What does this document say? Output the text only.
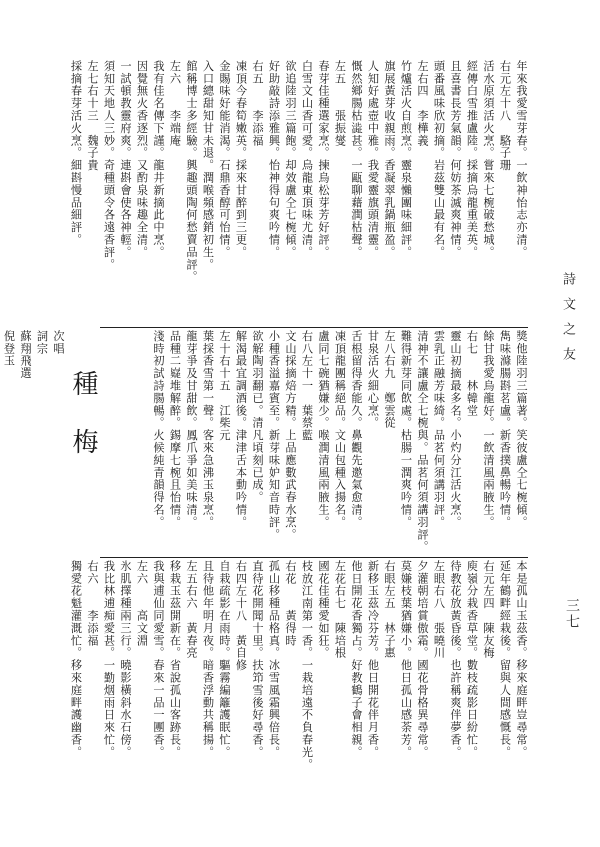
詩文之友
三七
年來我愛雪芽春。一飲神怡志亦清。
右元左十八　駱子珊
活水原須活火烹。嘗來七椀破愁城。
經傳白雪推盧陸。採摘烏龍重美英。
且喜書長芳氣韻。何妨茶滅爽神情。
頭番風味欣初摘。岩茲雙山最有名。
左右四　李樺義
竹爐活火自煎烹。靈泉懶團味細評。
旗展黃芽收親雨。香凝翠乳鍋瓶盈。
人知好處壺中雅。我愛靈旗頭清靈。
慨然鄉腸枯澁甚。一甌聊藉潤枯聲。
左五　　張振燮
春芽佳種選家烹。揀烏松芽芳好評。
白雪文山香可愛。烏龍東頂味尤清。
欲追陸羽三篇飽。却效盧仝七椀傾。
好助敲詩添雅興。怡神得句爽吟情。
右五　　李添福
凍頂今春筍嫩英。採來甘醉到三更。
金賜味好能消渴。石鼎香醇可怡情。
入口總甜知甘未退。潤喉頻感銷初生。
館稱博士多經驗。興趣頭陶何愁賣品評。
左六　　李端庵
我有佳名傳下謹。龍井新摘此中烹。
因覺無火香逐烈。又酌泉味趣全清。
一試頓教靈府爽。連斟會使各神輕。
須知天地人三妙。奇種頭令各遠香評。
左七右十三　魏子貴
採摘春芽活火烹。細斟慢品細評。
獎他陸羽三篇著。笑彼盧仝七椀傾。
雋味滌腸斟茗盧。新香撲鼻暢吟情。
餘甘我愛烏龍好。一飲清風兩腋生。
右七　　林韓堂
靈山初摘最多名。小灼分江活火烹。
雲乳正融芳味綺。品茗何須講羽評。
清神不讓盧仝七椀與。品茗何須講羽評。
難得新芽同飲處。枯腸一潤爽吟情。
左八右九　鄭雲從
甘泉活火細心烹。
舌根留得香能久。鼻觀先邀氣愈清。
凍頂龍團稱絕品。文山包種入揚名。
盧同七碗猶嫌少。喉潤清風兩腋生。
右八左十一　葉蔡藍
文山採摘焙方精。上品應數武春水烹。
小種香溢嘉賓至。新芽味妒知音時評。
欲解陶羽翻已。清凡頃刻已成。
解渴最宜調酒後。津津舌本動吟情。
左十右十五　江柴元
葉採香雪第一聲。客來急沸玉泉烹。
龍芽爭及甘甜飲。鳳爪爭如美味清。
品種二嶷堆解醉。錫摩七椀且怡情。
淺時初試詩腸暢。火候純青韻得名。
種梅
次唱
詞宗
蘇翔飛選
倪登玉
本是孤山玉茲香。移來庭畔豈尋常。
延年鶴畔經栽後。留與人間感慨長。
右元左四　陳友梅
庾嶺分栽香草堂。數枝疏影日紛忙。
待教花放黃昏後。也許稱爽伴夢香。
左眼右八　張曉川
夕灌朝培賞傲霜。國花骨格異尋常。
莫嫌枝葉猶嫌小。他日孤山感荼芳。
右眼左五　林子惠
新移玉茲冷芬芳。他日開花伴月香。
他日開花香獨占。好教鶴子會相親。
左花右七　陳培根
國花佳種愛如狂。
枝放江南第一香。一栽培遠不負春光。
右花　　黃得時
孤山移種品格真。冰雪風霜興倍長。
直待花開聞十里。扶笻雪後好尋香。
右四左十八　黃自修
自栽疏影在雨時。驅霧編籬護眠忙。
且待他年明月夜。暗香浮動共稱揚。
左五右六　黃春亮
移栽玉茲開新在。省說孤山客跡長。
我與逋仙同愛雪。春來一品一團香。
左六　　高文淵
氷肌擇種兩三行。曉影橫斜水石傍。
我比林逋痴愛甚。一勤烟雨日來忙。
右六　　李添福
獨愛花魁灌溉忙。移來庭畔護幽香。
